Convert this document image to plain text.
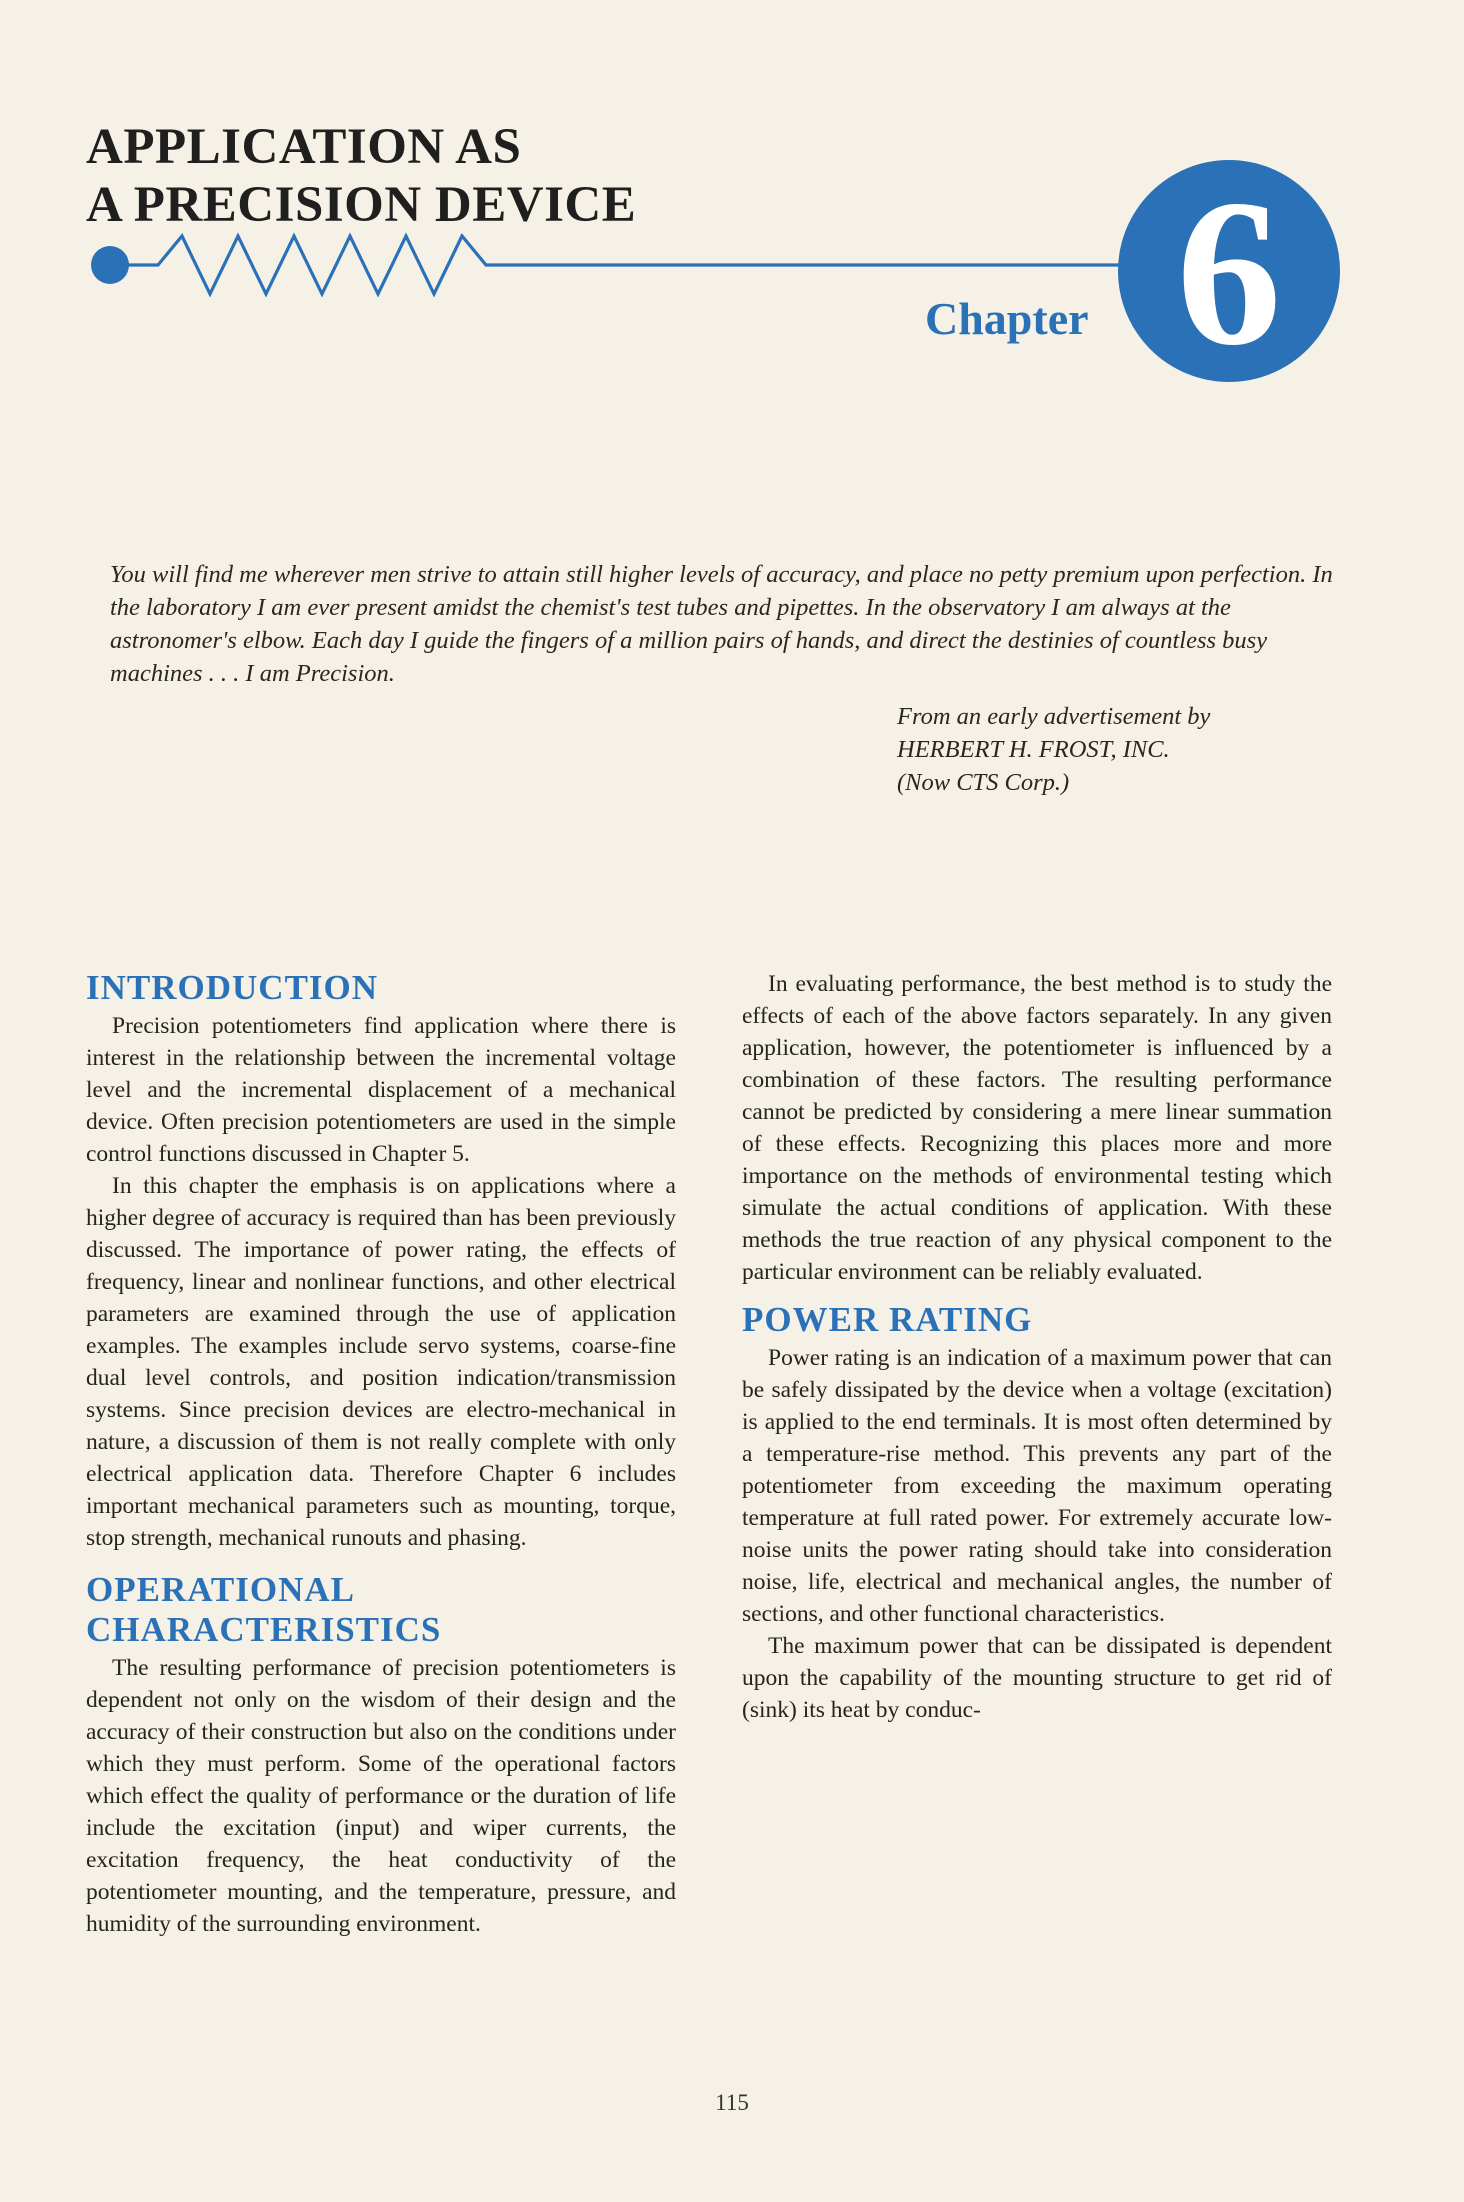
APPLICATION AS
A PRECISION DEVICE
Chapter 6

You will find me wherever men strive to attain still higher levels of accuracy, and place no petty premium upon perfection. In the laboratory I am ever present amidst the chemist's test tubes and pipettes. In the observatory I am always at the astronomer's elbow. Each day I guide the fingers of a million pairs of hands, and direct the destinies of countless busy machines . . . I am Precision.

From an early advertisement by
HERBERT H. FROST, INC.
(Now CTS Corp.)
INTRODUCTION

Precision potentiometers find application where there is interest in the relationship between the incremental voltage level and the incremental displacement of a mechanical device. Often precision potentiometers are used in the simple control functions discussed in Chapter 5.

In this chapter the emphasis is on applications where a higher degree of accuracy is required than has been previously discussed. The importance of power rating, the effects of frequency, linear and nonlinear functions, and other electrical parameters are examined through the use of application examples. The examples include servo systems, coarse-fine dual level controls, and position indication/transmission systems. Since precision devices are electro-mechanical in nature, a discussion of them is not really complete with only electrical application data. Therefore Chapter 6 includes important mechanical parameters such as mounting, torque, stop strength, mechanical runouts and phasing.

OPERATIONAL
CHARACTERISTICS

The resulting performance of precision potentiometers is dependent not only on the wisdom of their design and the accuracy of their construction but also on the conditions under which they must perform. Some of the operational factors which effect the quality of performance or the duration of life include the excitation (input) and wiper currents, the excitation frequency, the heat conductivity of the potentiometer mounting, and the temperature, pressure, and humidity of the surrounding environment.

In evaluating performance, the best method is to study the effects of each of the above factors separately. In any given application, however, the potentiometer is influenced by a combination of these factors. The resulting performance cannot be predicted by considering a mere linear summation of these effects. Recognizing this places more and more importance on the methods of environmental testing which simulate the actual conditions of application. With these methods the true reaction of any physical component to the particular environment can be reliably evaluated.

POWER RATING

Power rating is an indication of a maximum power that can be safely dissipated by the device when a voltage (excitation) is applied to the end terminals. It is most often determined by a temperature-rise method. This prevents any part of the potentiometer from exceeding the maximum operating temperature at full rated power. For extremely accurate low-noise units the power rating should take into consideration noise, life, electrical and mechanical angles, the number of sections, and other functional characteristics.

The maximum power that can be dissipated is dependent upon the capability of the mounting structure to get rid of (sink) its heat by conduc-

115
